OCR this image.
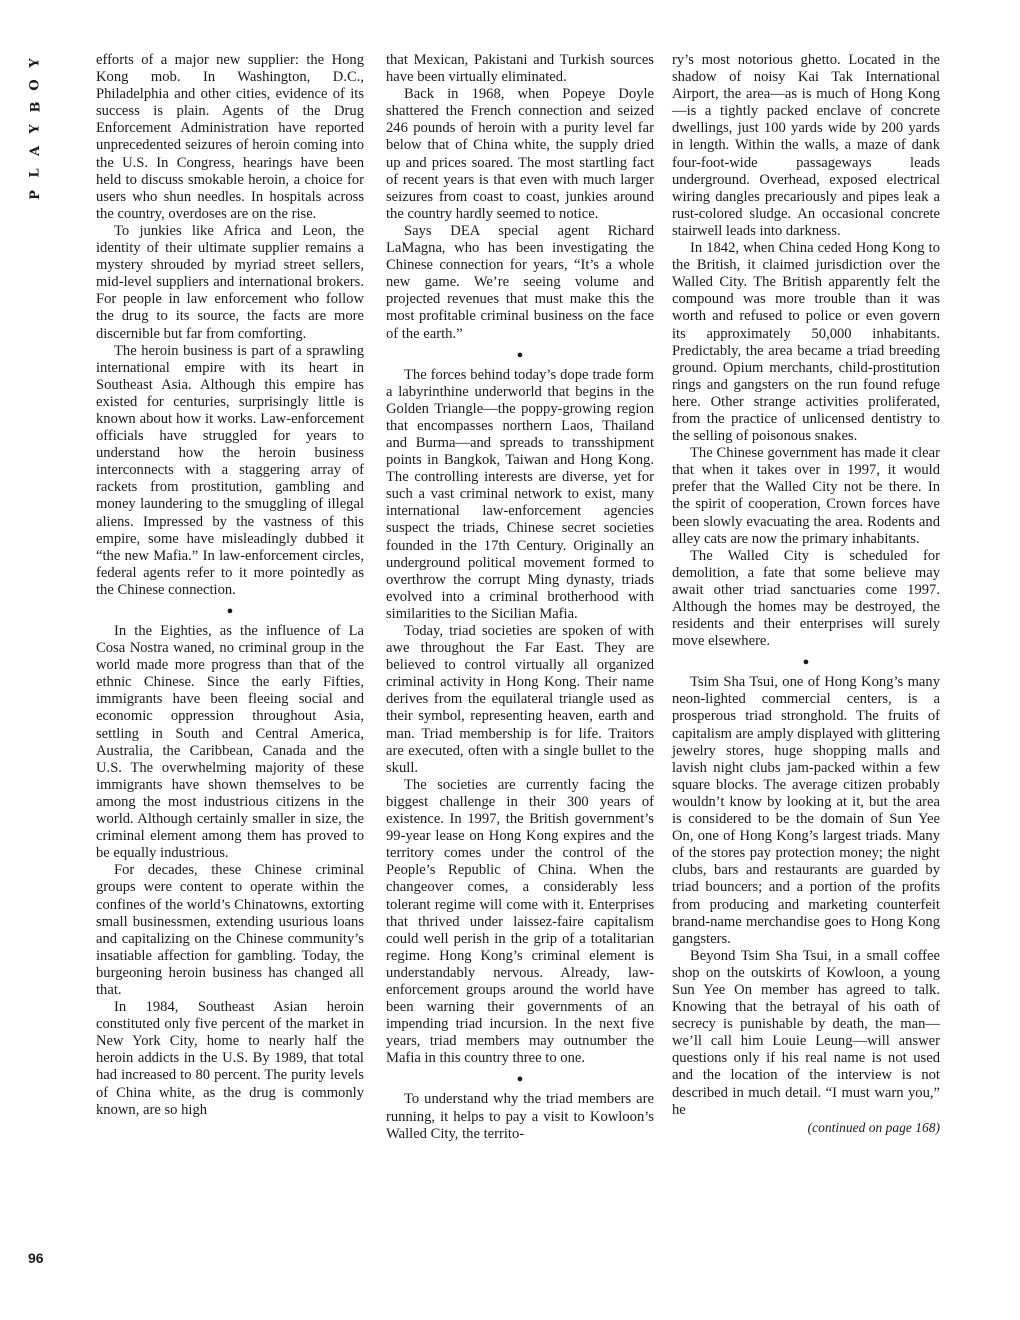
Y
O
B
Y
A
L
P
96

efforts of a major new supplier: the Hong Kong mob. In Washington, D.C., Philadelphia and other cities, evidence of its success is plain. Agents of the Drug Enforcement Administration have reported unprecedented seizures of heroin coming into the U.S. In Congress, hearings have been held to discuss smokable heroin, a choice for users who shun needles. In hospitals across the country, overdoses are on the rise.

To junkies like Africa and Leon, the identity of their ultimate supplier remains a mystery shrouded by myriad street sellers, mid-level suppliers and international brokers. For people in law enforcement who follow the drug to its source, the facts are more discernible but far from comforting.

The heroin business is part of a sprawling international empire with its heart in Southeast Asia. Although this empire has existed for centuries, surprisingly little is known about how it works. Law-enforcement officials have struggled for years to understand how the heroin business interconnects with a staggering array of rackets from prostitution, gambling and money laundering to the smuggling of illegal aliens. Impressed by the vastness of this empire, some have misleadingly dubbed it “the new Mafia.” In law-enforcement circles, federal agents refer to it more pointedly as the Chinese connection.

●

In the Eighties, as the influence of La Cosa Nostra waned, no criminal group in the world made more progress than that of the ethnic Chinese. Since the early Fifties, immigrants have been fleeing social and economic oppression throughout Asia, settling in South and Central America, Australia, the Caribbean, Canada and the U.S. The overwhelming majority of these immigrants have shown themselves to be among the most industrious citizens in the world. Although certainly smaller in size, the criminal element among them has proved to be equally industrious.

For decades, these Chinese criminal groups were content to operate within the confines of the world’s Chinatowns, extorting small businessmen, extending usurious loans and capitalizing on the Chinese community’s insatiable affection for gambling. Today, the burgeoning heroin business has changed all that.

In 1984, Southeast Asian heroin constituted only five percent of the market in New York City, home to nearly half the heroin addicts in the U.S. By 1989, that total had increased to 80 percent. The purity levels of China white, as the drug is commonly known, are so high

that Mexican, Pakistani and Turkish sources have been virtually eliminated.

Back in 1968, when Popeye Doyle shattered the French connection and seized 246 pounds of heroin with a purity level far below that of China white, the supply dried up and prices soared. The most startling fact of recent years is that even with much larger seizures from coast to coast, junkies around the country hardly seemed to notice.

Says DEA special agent Richard LaMagna, who has been investigating the Chinese connection for years, “It’s a whole new game. We’re seeing volume and projected revenues that must make this the most profitable criminal business on the face of the earth.”

●

The forces behind today’s dope trade form a labyrinthine underworld that begins in the Golden Triangle—the poppy-growing region that encompasses northern Laos, Thailand and Burma—and spreads to transshipment points in Bangkok, Taiwan and Hong Kong. The controlling interests are diverse, yet for such a vast criminal network to exist, many international law-enforcement agencies suspect the triads, Chinese secret societies founded in the 17th Century. Originally an underground political movement formed to overthrow the corrupt Ming dynasty, triads evolved into a criminal brotherhood with similarities to the Sicilian Mafia.

Today, triad societies are spoken of with awe throughout the Far East. They are believed to control virtually all organized criminal activity in Hong Kong. Their name derives from the equilateral triangle used as their symbol, representing heaven, earth and man. Triad membership is for life. Traitors are executed, often with a single bullet to the skull.

The societies are currently facing the biggest challenge in their 300 years of existence. In 1997, the British government’s 99-year lease on Hong Kong expires and the territory comes under the control of the People’s Republic of China. When the changeover comes, a considerably less tolerant regime will come with it. Enterprises that thrived under laissez-faire capitalism could well perish in the grip of a totalitarian regime. Hong Kong’s criminal element is understandably nervous. Already, law-enforcement groups around the world have been warning their governments of an impending triad incursion. In the next five years, triad members may outnumber the Mafia in this country three to one.

●

To understand why the triad members are running, it helps to pay a visit to Kowloon’s Walled City, the territo-

ry’s most notorious ghetto. Located in the shadow of noisy Kai Tak International Airport, the area—as is much of Hong Kong—is a tightly packed enclave of concrete dwellings, just 100 yards wide by 200 yards in length. Within the walls, a maze of dank four-foot-wide passageways leads underground. Overhead, exposed electrical wiring dangles precariously and pipes leak a rust-colored sludge. An occasional concrete stairwell leads into darkness.

In 1842, when China ceded Hong Kong to the British, it claimed jurisdiction over the Walled City. The British apparently felt the compound was more trouble than it was worth and refused to police or even govern its approximately 50,000 inhabitants. Predictably, the area became a triad breeding ground. Opium merchants, child-prostitution rings and gangsters on the run found refuge here. Other strange activities proliferated, from the practice of unlicensed dentistry to the selling of poisonous snakes.

The Chinese government has made it clear that when it takes over in 1997, it would prefer that the Walled City not be there. In the spirit of cooperation, Crown forces have been slowly evacuating the area. Rodents and alley cats are now the primary inhabitants.

The Walled City is scheduled for demolition, a fate that some believe may await other triad sanctuaries come 1997. Although the homes may be destroyed, the residents and their enterprises will surely move elsewhere.

●

Tsim Sha Tsui, one of Hong Kong’s many neon-lighted commercial centers, is a prosperous triad stronghold. The fruits of capitalism are amply displayed with glittering jewelry stores, huge shopping malls and lavish night clubs jam-packed within a few square blocks. The average citizen probably wouldn’t know by looking at it, but the area is considered to be the domain of Sun Yee On, one of Hong Kong’s largest triads. Many of the stores pay protection money; the night clubs, bars and restaurants are guarded by triad bouncers; and a portion of the profits from producing and marketing counterfeit brand-name merchandise goes to Hong Kong gangsters.

Beyond Tsim Sha Tsui, in a small coffee shop on the outskirts of Kowloon, a young Sun Yee On member has agreed to talk. Knowing that the betrayal of his oath of secrecy is punishable by death, the man—we’ll call him Louie Leung—will answer questions only if his real name is not used and the location of the interview is not described in much detail. “I must warn you,” he

(continued on page 168)
